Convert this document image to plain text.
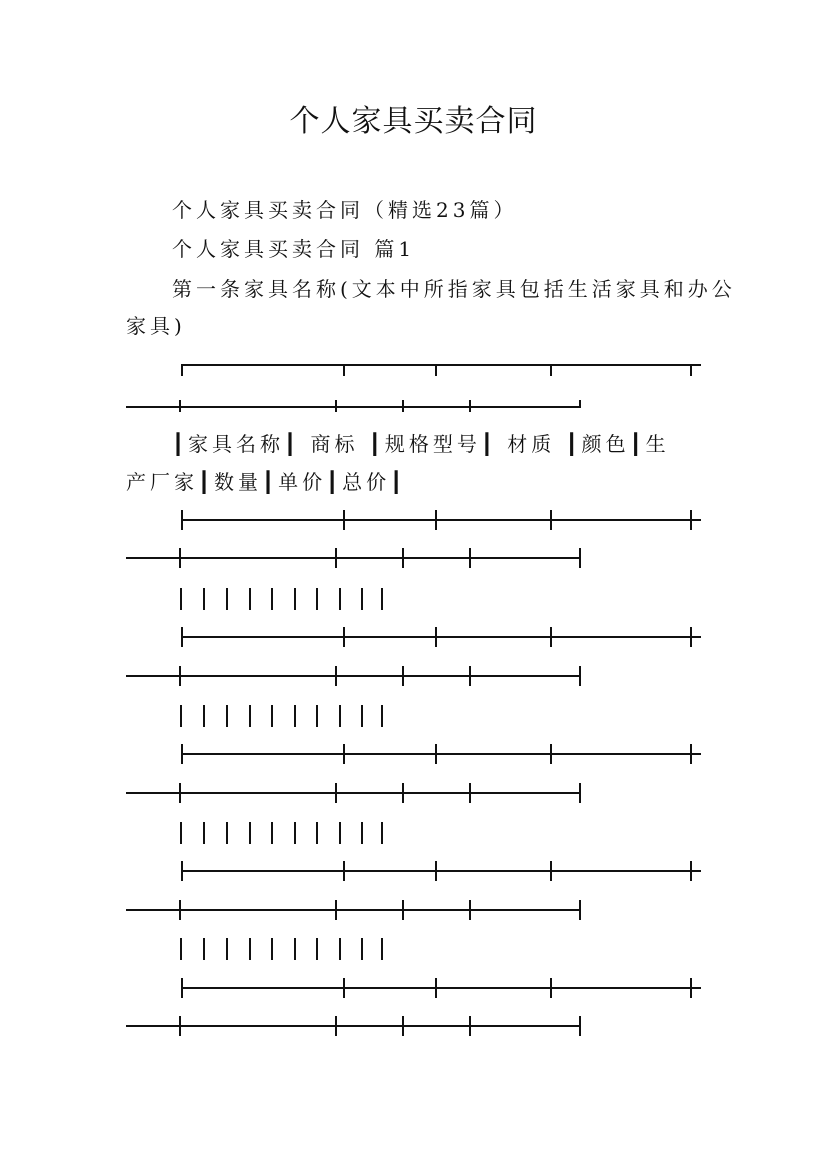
个人家具买卖合同
个人家具买卖合同（精选23篇）
个人家具买卖合同 篇1
第一条家具名称(文本中所指家具包括生活家具和办公
家具)
┃家具名称┃ 商标 ┃规格型号┃ 材质 ┃颜色┃生
产厂家┃数量┃单价┃总价┃
